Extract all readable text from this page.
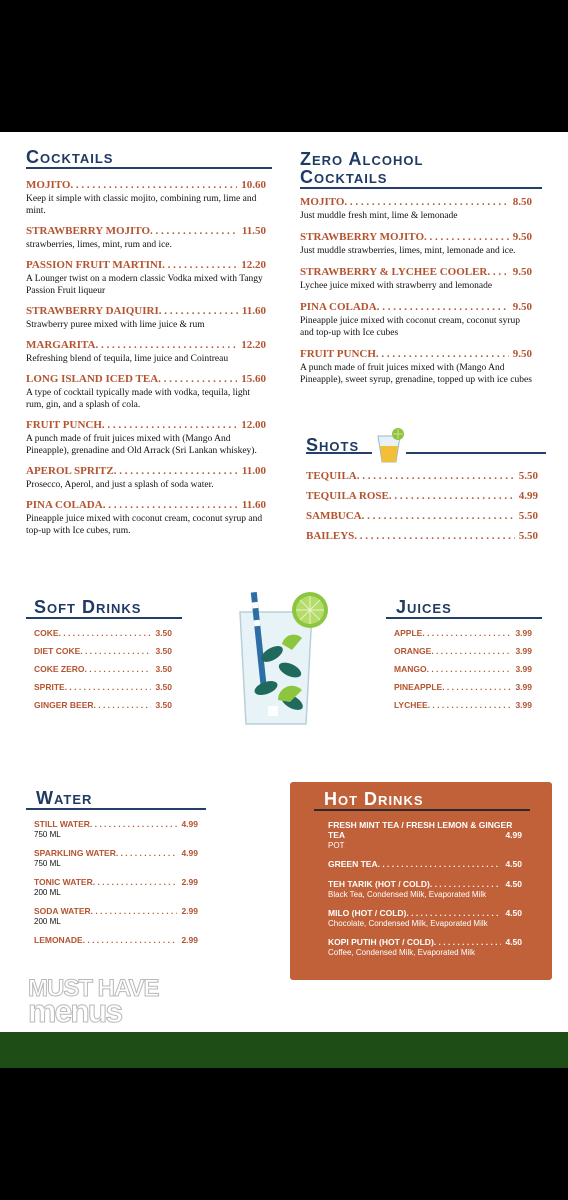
Cocktails
MOJITO . . .	10.60
Keep it simple with classic mojito, combining rum, lime and mint.
STRAWBERRY MOJITO . . .	11.50
strawberries, limes, mint, rum and ice.
PASSION FRUIT MARTINI . . .	12.20
A Lounger twist on a modern classic Vodka mixed with Tangy Passion Fruit liqueur
STRAWBERRY DAIQUIRI . . .	11.60
Strawberry puree mixed with lime juice & rum
MARGARITA . . .	12.20
Refreshing blend of tequila, lime juice and Cointreau
LONG ISLAND ICED TEA . . .	15.60
A type of cocktail typically made with vodka, tequila, light rum, gin, and a splash of cola.
FRUIT PUNCH . . .	12.00
A punch made of fruit juices mixed with (Mango And Pineapple), grenadine and Old Arrack (Sri Lankan whiskey).
APEROL SPRITZ . . .	11.00
Prosecco, Aperol, and just a splash of soda water.
PINA COLADA . . .	11.60
Pineapple juice mixed with coconut cream, coconut syrup and top-up with Ice cubes, rum.
Zero Alcohol
Cocktails
MOJITO . . .	8.50
Just muddle fresh mint, lime & lemonade
STRAWBERRY MOJITO . . .	9.50
Just muddle strawberries, limes, mint, lemonade and ice.
STRAWBERRY & LYCHEE COOLER . . .	9.50
Lychee juice mixed with strawberry and lemonade
PINA COLADA . . .	9.50
Pineapple juice mixed with coconut cream, coconut syrup and top-up with Ice cubes
FRUIT PUNCH . . .	9.50
A punch made of fruit juices mixed with (Mango And Pineapple), sweet syrup, grenadine, topped up with ice cubes
Shots
TEQUILA . . .	5.50
TEQUILA ROSE . . .	4.99
SAMBUCA . . .	5.50
BAILEYS . . .	5.50
Soft Drinks
COKE . . .	3.50
DIET COKE . . .	3.50
COKE ZERO . . .	3.50
SPRITE . . .	3.50
GINGER BEER . . .	3.50
Juices
APPLE . . .	3.99
ORANGE . . .	3.99
MANGO . . .	3.99
PINEAPPLE . . .	3.99
LYCHEE . . .	3.99
Water
STILL WATER . . .	4.99
750 ML
SPARKLING WATER . . .	4.99
750 ML
TONIC WATER . . .	2.99
200 ML
SODA WATER . . .	2.99
200 ML
LEMONADE . . .	2.99
MUST HAVE
menus
Hot Drinks
FRESH MINT TEA / FRESH LEMON & GINGER TEA	4.99
POT
GREEN TEA . . .	4.50
TEH TARIK (HOT / COLD) . . .	4.50
Black Tea, Condensed Milk, Evaporated Milk
MILO (HOT / COLD) . . .	4.50
Chocolate, Condensed Milk, Evaporated Milk
KOPI PUTIH (HOT / COLD) . . .	4.50
Coffee, Condensed Milk, Evaporated Milk
